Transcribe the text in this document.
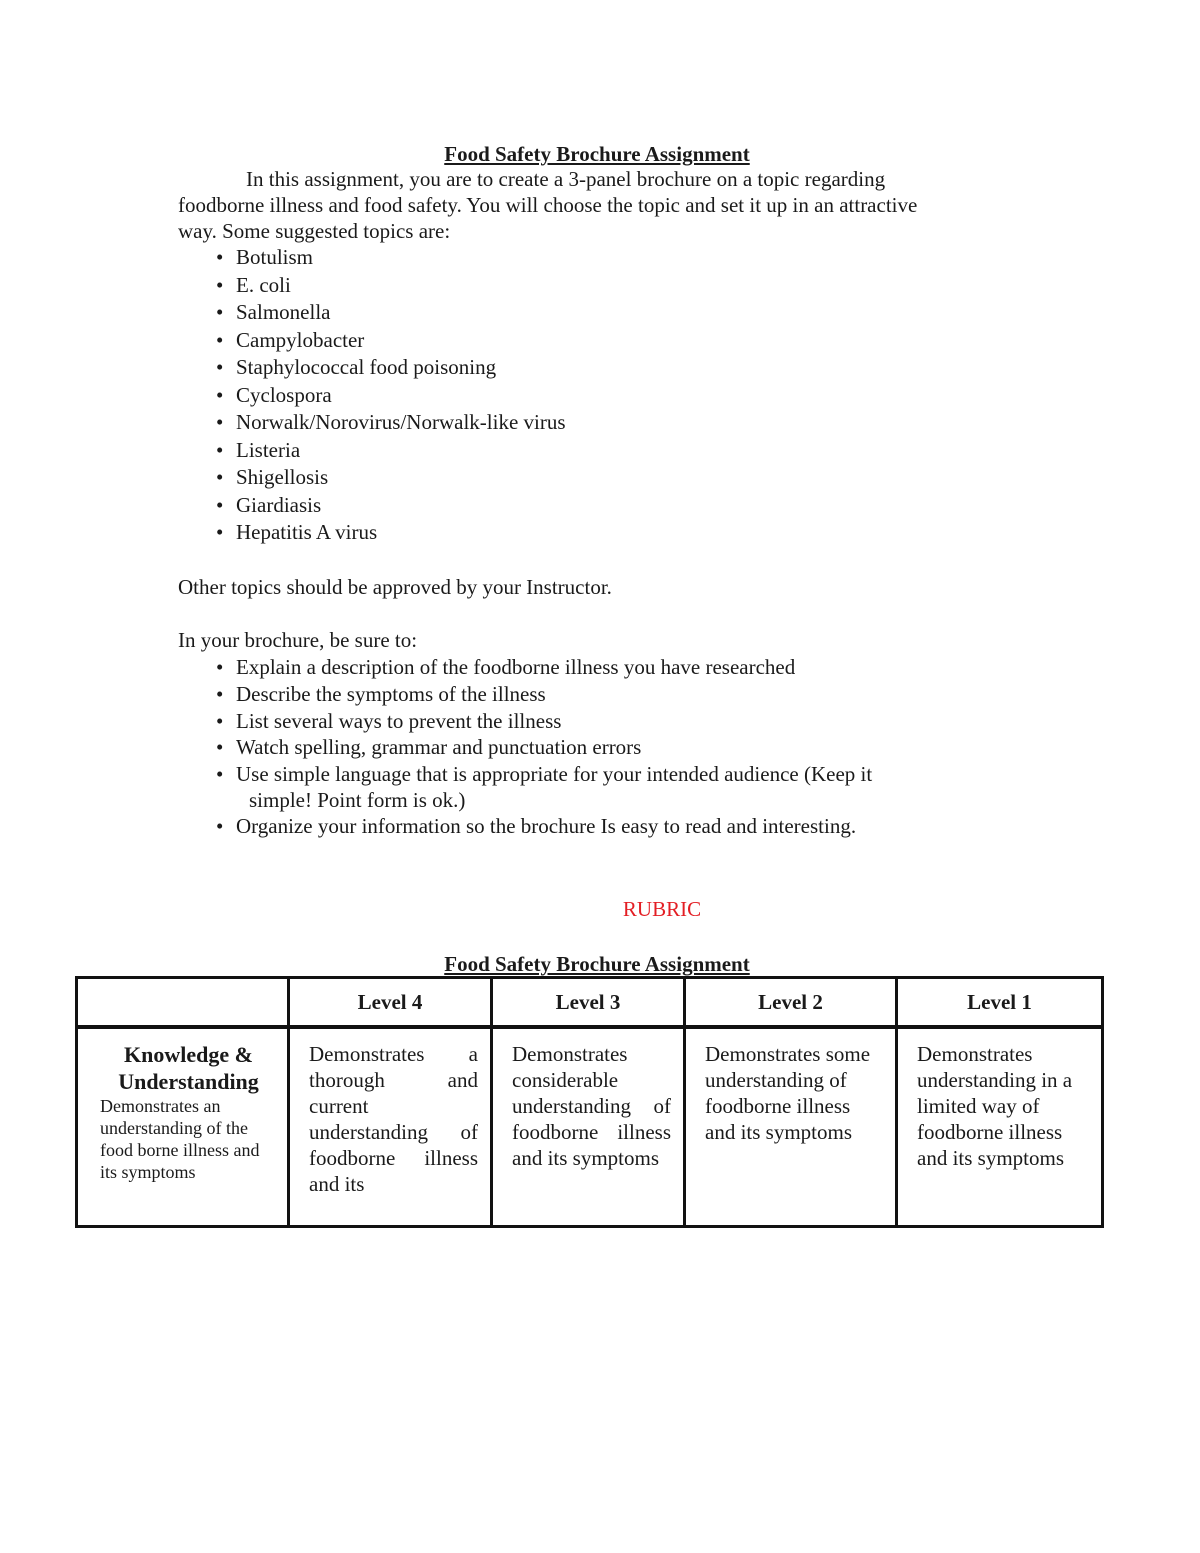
Food Safety Brochure Assignment
In this assignment, you are to create a 3-panel brochure on a topic regarding
foodborne illness and food safety. You will choose the topic and set it up in an attractive
way. Some suggested topics are:
• Botulism
• E. coli
• Salmonella
• Campylobacter
• Staphylococcal food poisoning
• Cyclospora
• Norwalk/Norovirus/Norwalk-like virus
• Listeria
• Shigellosis
• Giardiasis
• Hepatitis A virus

Other topics should be approved by your Instructor.

In your brochure, be sure to:

• Explain a description of the foodborne illness you have researched
• Describe the symptoms of the illness
• List several ways to prevent the illness
• Watch spelling, grammar and punctuation errors
• Use simple language that is appropriate for your intended audience (Keep it
simple! Point form is ok.)
• Organize your information so the brochure Is easy to read and interesting.
RUBRIC
Food Safety Brochure Assignment
	Level 4	Level 3	Level 2	Level 1

Knowledge &
Understanding
Demonstrates an understanding of the food borne illness and its symptoms	Demonstrates a thorough and current understanding of foodborne illness and its	Demonstrates considerable understanding of foodborne illness and its symptoms	Demonstrates some understanding of foodborne illness and its symptoms	Demonstrates understanding in a limited way of foodborne illness and its symptoms
